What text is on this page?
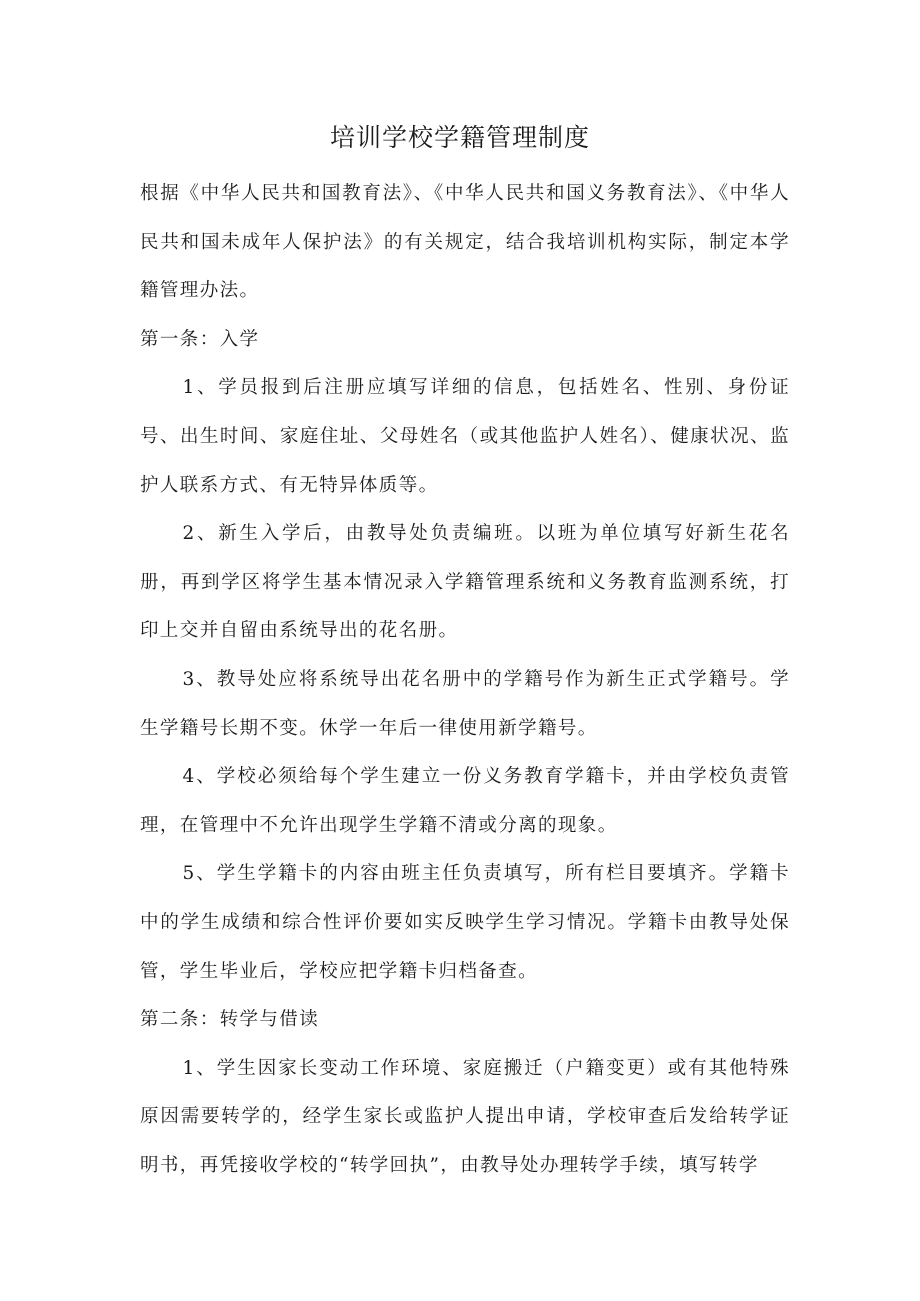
培训学校学籍管理制度

根据《中华人民共和国教育法》、《中华人民共和国义务教育法》、《中华人民共和国未成年人保护法》的有关规定，结合我培训机构实际，制定本学籍管理办法。

第一条：入学

1、学员报到后注册应填写详细的信息，包括姓名、性别、身份证号、出生时间、家庭住址、父母姓名（或其他监护人姓名）、健康状况、监护人联系方式、有无特异体质等。

2、新生入学后，由教导处负责编班。以班为单位填写好新生花名册，再到学区将学生基本情况录入学籍管理系统和义务教育监测系统，打印上交并自留由系统导出的花名册。

3、教导处应将系统导出花名册中的学籍号作为新生正式学籍号。学生学籍号长期不变。休学一年后一律使用新学籍号。

4、学校必须给每个学生建立一份义务教育学籍卡，并由学校负责管理，在管理中不允许出现学生学籍不清或分离的现象。

5、学生学籍卡的内容由班主任负责填写，所有栏目要填齐。学籍卡中的学生成绩和综合性评价要如实反映学生学习情况。学籍卡由教导处保管，学生毕业后，学校应把学籍卡归档备查。

第二条：转学与借读

1、学生因家长变动工作环境、家庭搬迁（户籍变更）或有其他特殊原因需要转学的，经学生家长或监护人提出申请，学校审查后发给转学证明书，再凭接收学校的“转学回执”，由教导处办理转学手续，填写转学
